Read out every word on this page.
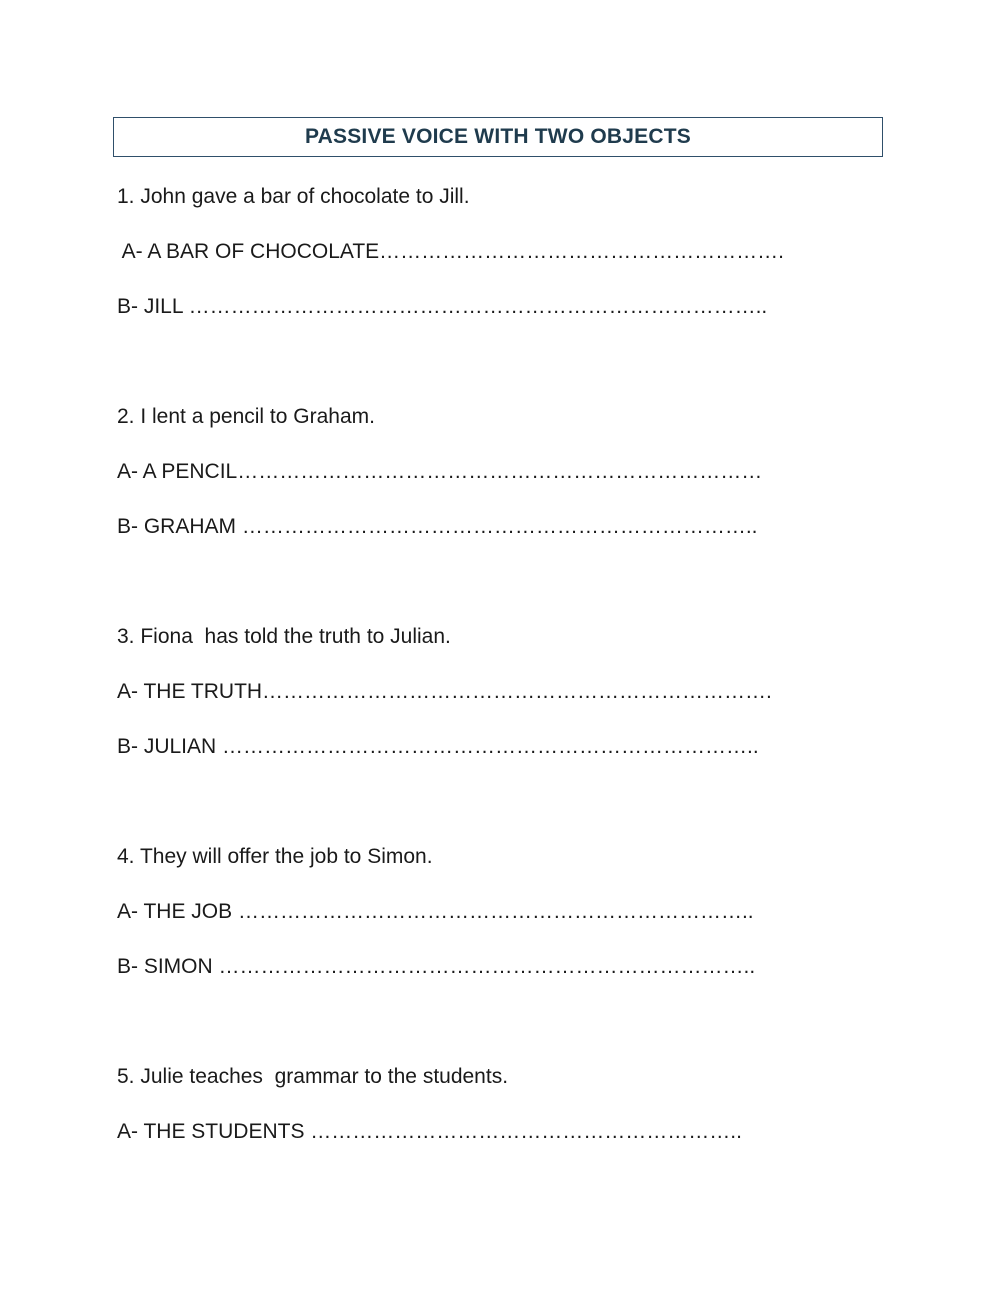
PASSIVE VOICE WITH TWO OBJECTS
1. John gave a bar of chocolate to Jill.
A- A BAR OF CHOCOLATE………………………………………………….
B- JILL ………………………………………………………………………..
2. I lent a pencil to Graham.
A- A PENCIL…………………………………………………………………
B- GRAHAM ………………………………………………………………..
3. Fiona  has told the truth to Julian.
A- THE TRUTH……………………………………………………………….
B- JULIAN …………………………………………………………………..
4. They will offer the job to Simon.
A- THE JOB ………………………………………………………………..
B- SIMON …………………………………………………………………..
5. Julie teaches  grammar to the students.
A- THE STUDENTS ……………………………………………………..
